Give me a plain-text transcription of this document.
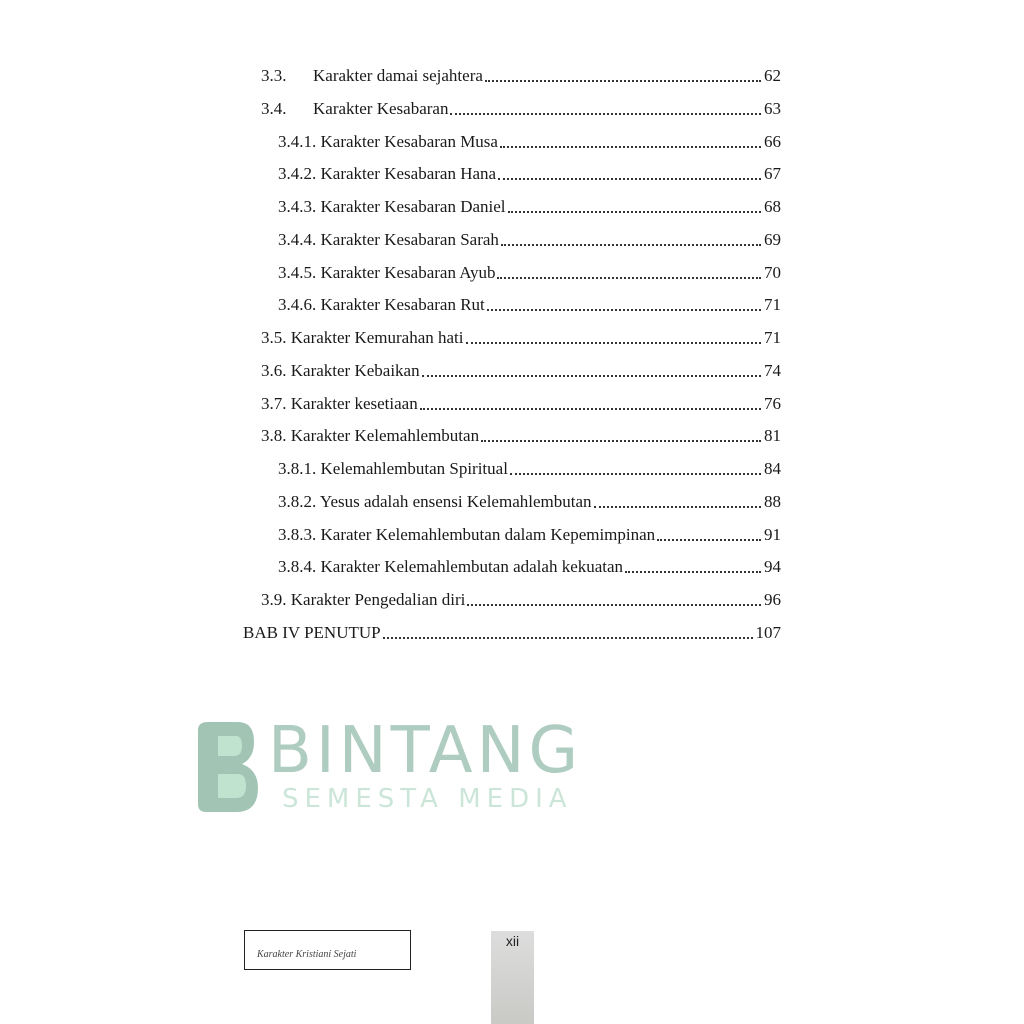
BINTANG
SEMESTA MEDIA
3.3.	Karakter damai sejahtera	62
3.4.	Karakter Kesabaran	63
3.4.1. Karakter Kesabaran Musa	66
3.4.2. Karakter Kesabaran Hana	67
3.4.3. Karakter Kesabaran Daniel	68
3.4.4. Karakter Kesabaran Sarah	69
3.4.5. Karakter Kesabaran Ayub	70
3.4.6. Karakter Kesabaran Rut	71
3.5. Karakter Kemurahan hati	71
3.6. Karakter Kebaikan	74
3.7. Karakter kesetiaan	76
3.8. Karakter Kelemahlembutan	81
3.8.1. Kelemahlembutan Spiritual	84
3.8.2. Yesus adalah ensensi Kelemahlembutan	88
3.8.3. Karater Kelemahlembutan dalam Kepemimpinan	91
3.8.4. Karakter Kelemahlembutan adalah kekuatan	94
3.9. Karakter Pengedalian diri	96
BAB IV PENUTUP	107
Karakter Kristiani Sejati
xii
